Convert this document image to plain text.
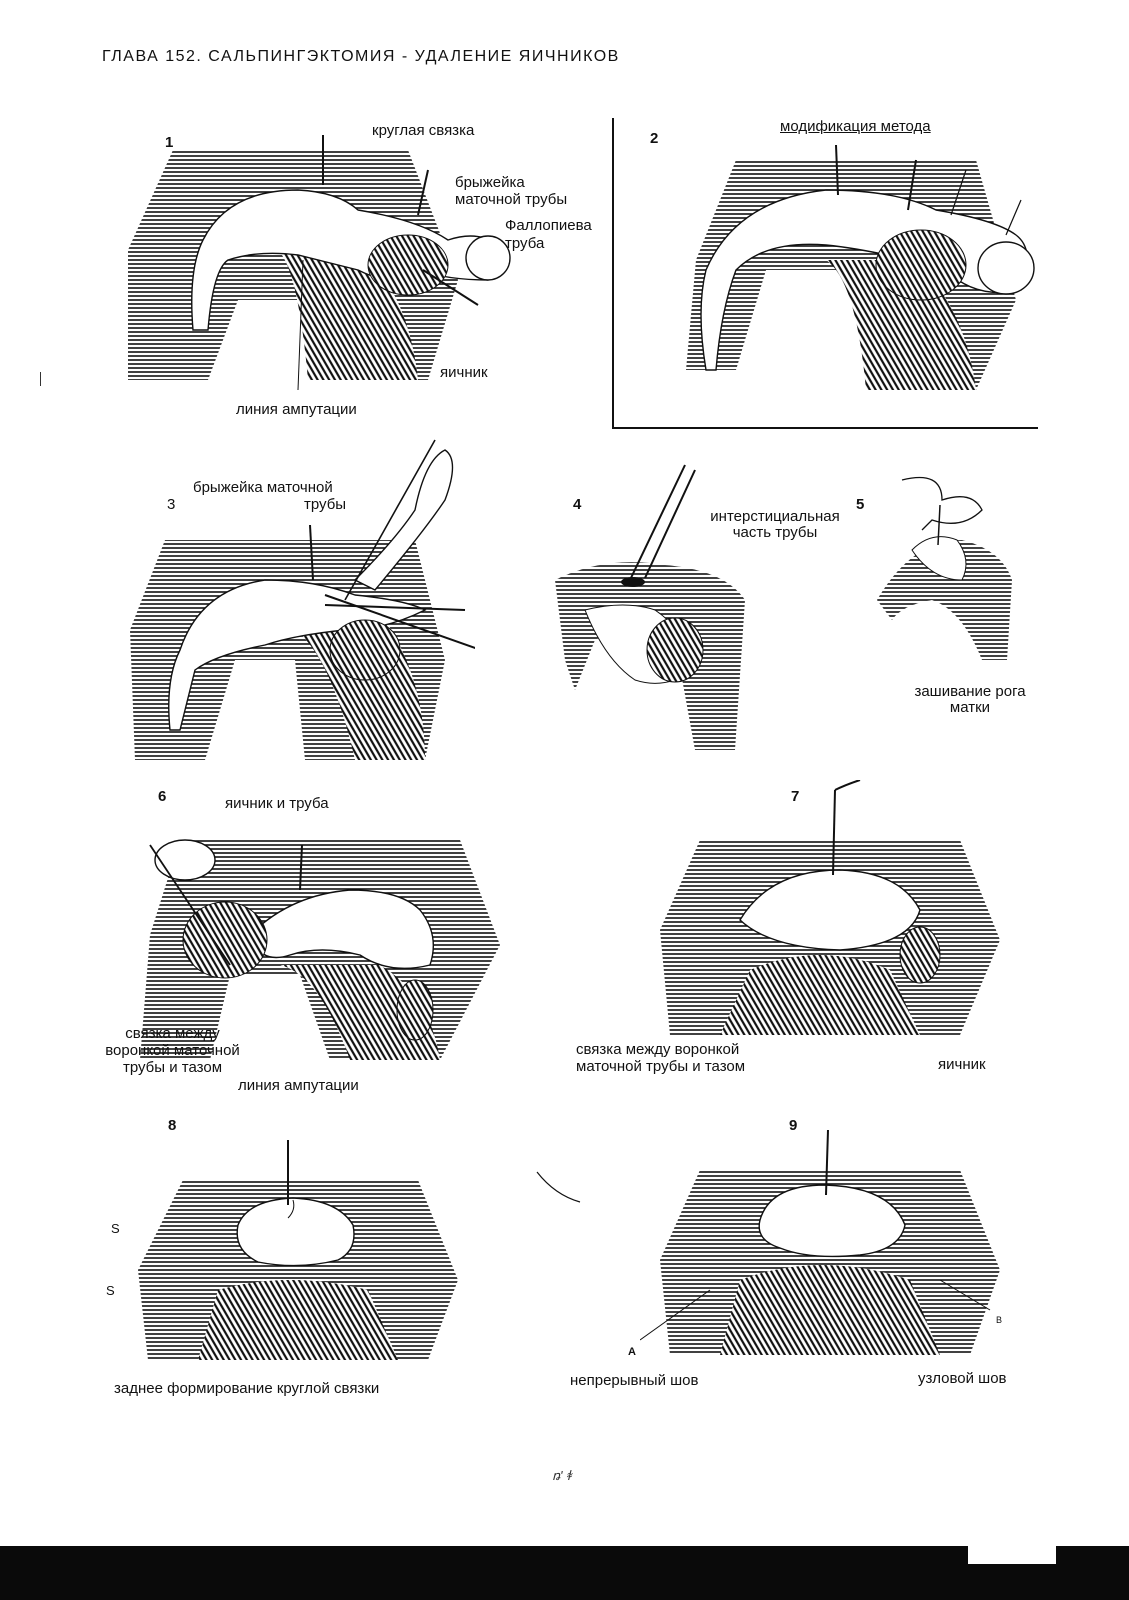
ГЛАВА 152. САЛЬПИНГЭКТОМИЯ - УДАЛЕНИЕ ЯИЧНИКОВ
1
круглая связка
брыжейка
маточной трубы
Фаллопиева
труба
яичник
линия ампутации
2
модификация метода
3
брыжейка маточной
трубы	4
интерстициальная
часть трубы
5
зашивание рога
матки
6	яичник и труба
связка между
воронкой маточной
трубы и тазом
линия ампутации
7
связка между воронкой
маточной трубы и тазом	яичник
8
S
S
заднее формирование круглой связки
9
A
B
непрерывный шов	узловой шов
ꬻ' ꬸ
